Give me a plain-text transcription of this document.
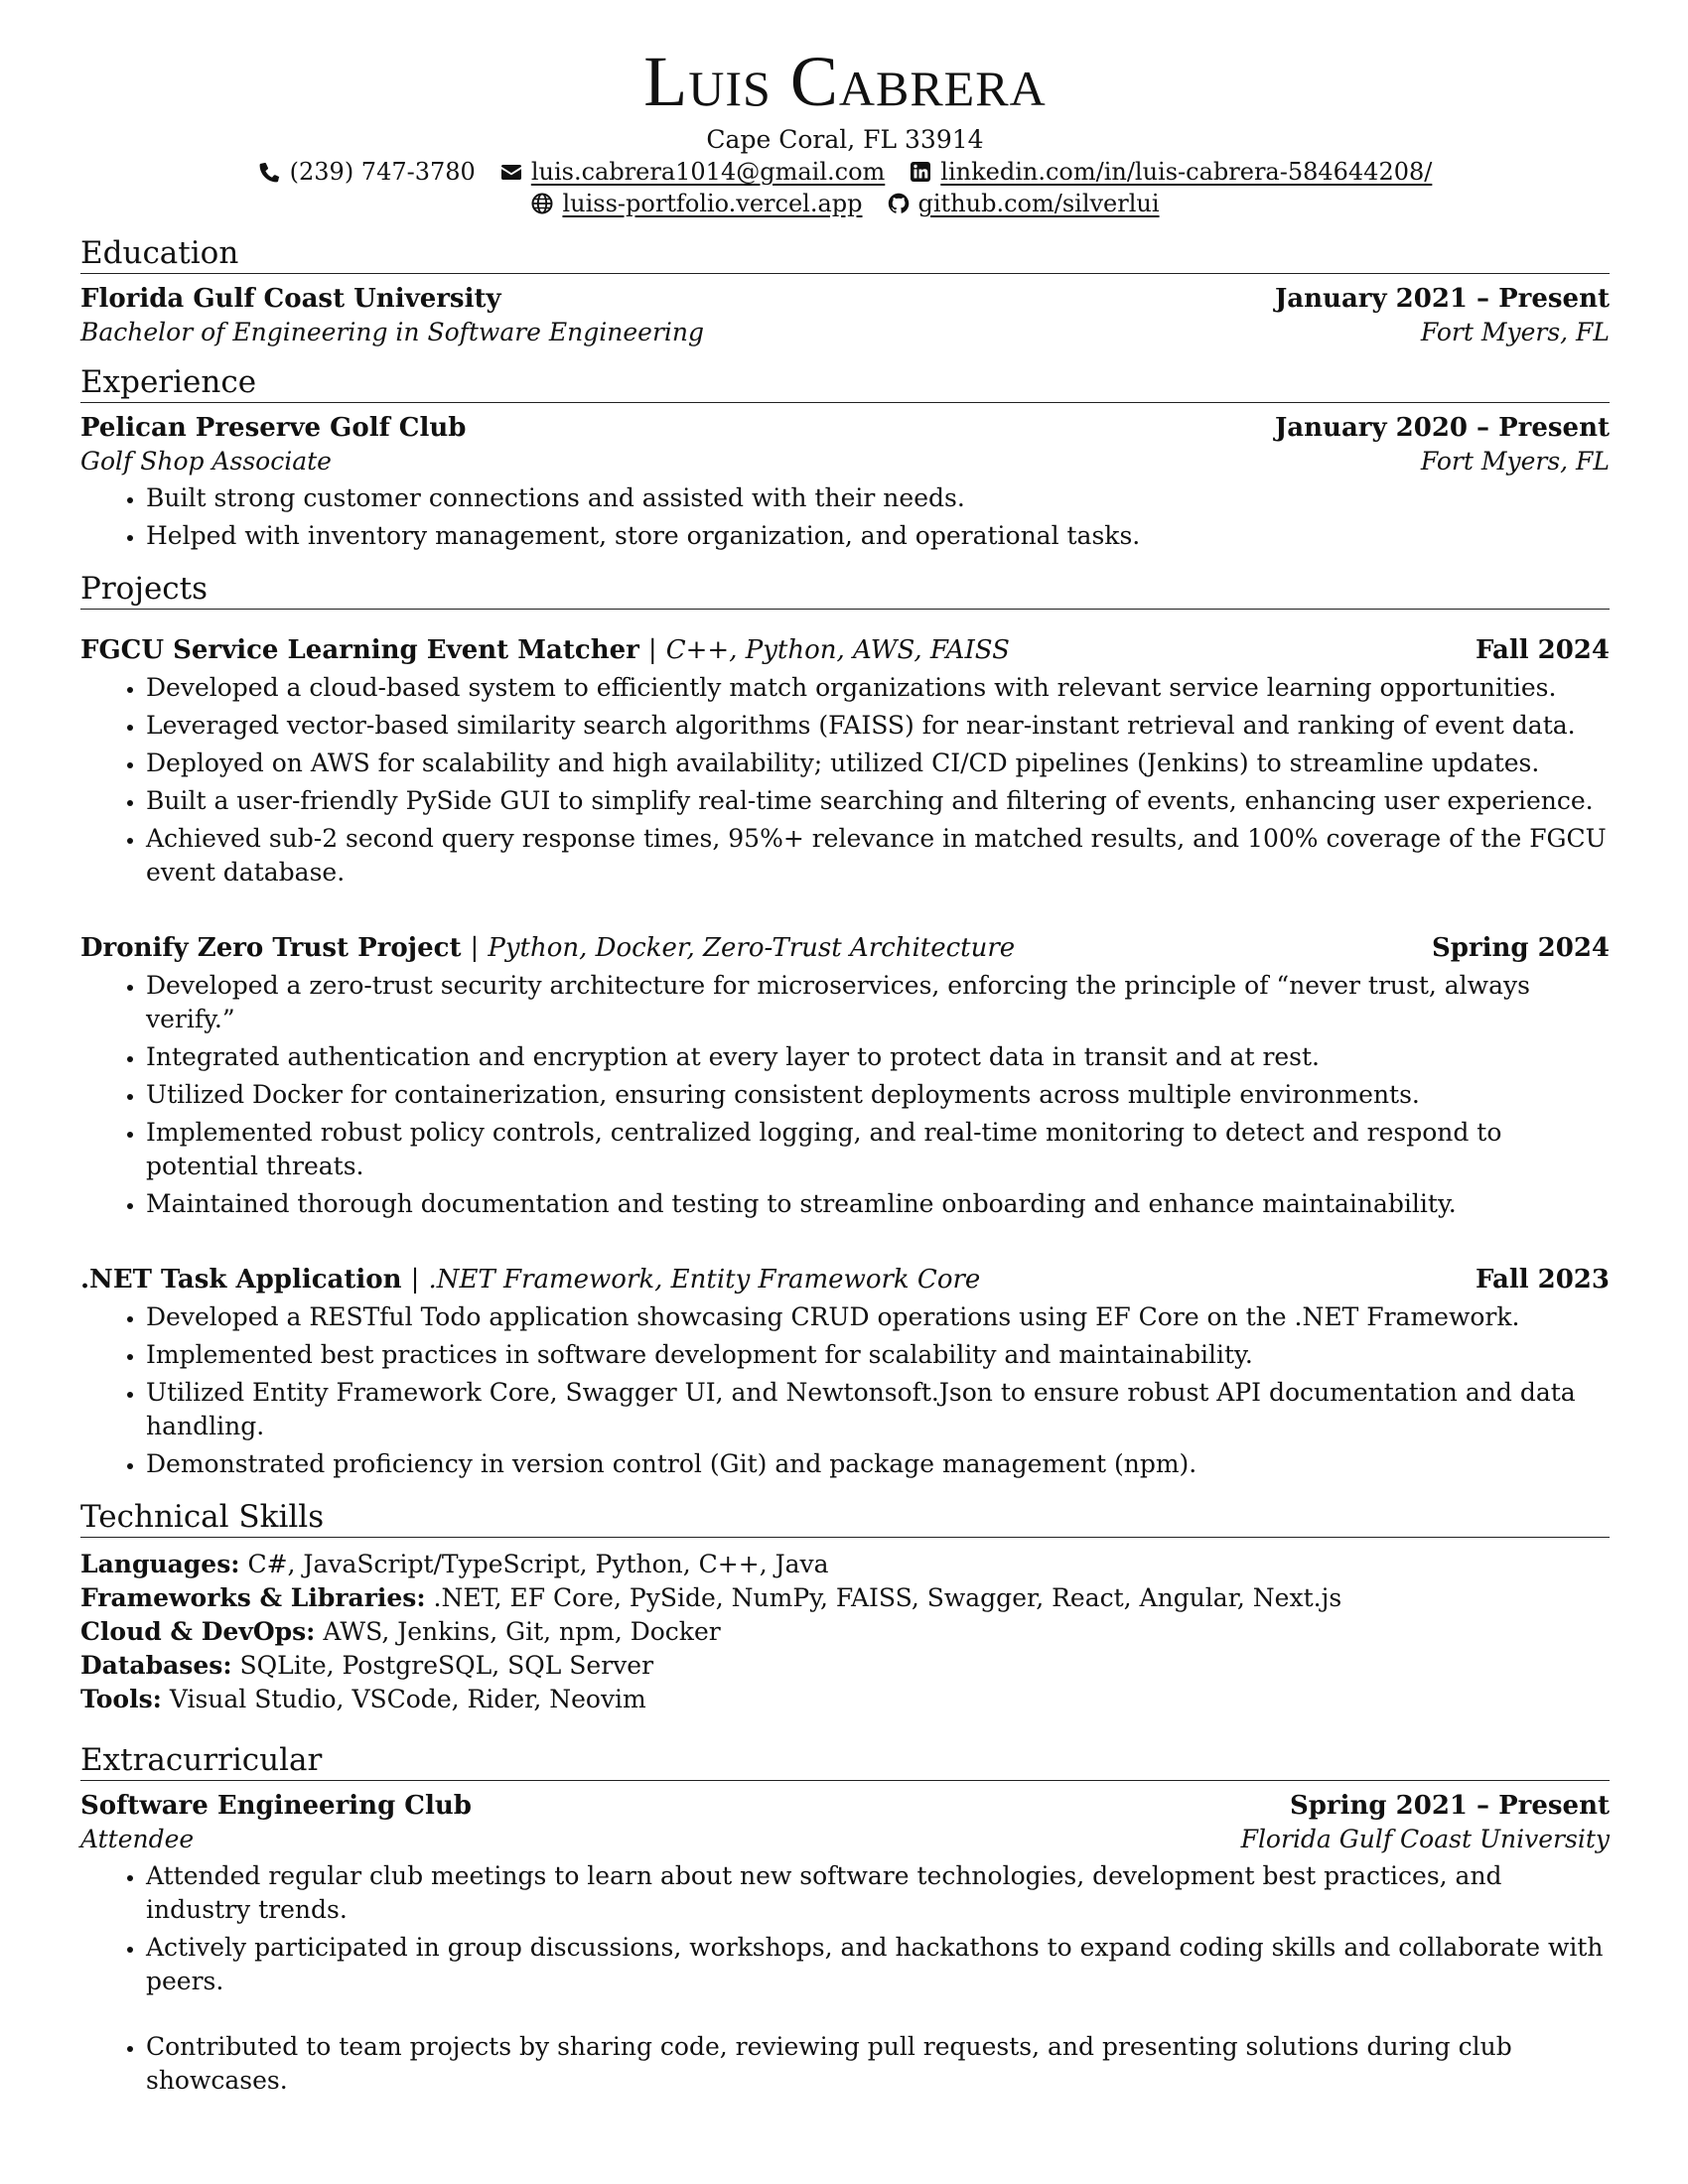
Luis Cabrera
Cape Coral, FL 33914
(239) 747-3780 luis.cabrera1014@gmail.com linkedin.com/in/luis-cabrera-584644208/
luiss-portfolio.vercel.app github.com/silverlui
Education
Florida Gulf Coast University	January 2021 – Present
Bachelor of Engineering in Software Engineering	Fort Myers, FL
Experience
Pelican Preserve Golf Club	January 2020 – Present
Golf Shop Associate	Fort Myers, FL
• Built strong customer connections and assisted with their needs.
• Helped with inventory management, store organization, and operational tasks.
Projects
FGCU Service Learning Event Matcher | C++, Python, AWS, FAISS	Fall 2024
• Developed a cloud-based system to efficiently match organizations with relevant service learning opportunities.
• Leveraged vector-based similarity search algorithms (FAISS) for near-instant retrieval and ranking of event data.
• Deployed on AWS for scalability and high availability; utilized CI/CD pipelines (Jenkins) to streamline updates.
• Built a user-friendly PySide GUI to simplify real-time searching and filtering of events, enhancing user experience.
• Achieved sub-2 second query response times, 95%+ relevance in matched results, and 100% coverage of the FGCU event database.
Dronify Zero Trust Project | Python, Docker, Zero-Trust Architecture	Spring 2024
• Developed a zero-trust security architecture for microservices, enforcing the principle of “never trust, always verify.”
• Integrated authentication and encryption at every layer to protect data in transit and at rest.
• Utilized Docker for containerization, ensuring consistent deployments across multiple environments.
• Implemented robust policy controls, centralized logging, and real-time monitoring to detect and respond to potential threats.
• Maintained thorough documentation and testing to streamline onboarding and enhance maintainability.
.NET Task Application | .NET Framework, Entity Framework Core	Fall 2023
• Developed a RESTful Todo application showcasing CRUD operations using EF Core on the .NET Framework.
• Implemented best practices in software development for scalability and maintainability.
• Utilized Entity Framework Core, Swagger UI, and Newtonsoft.Json to ensure robust API documentation and data handling.
• Demonstrated proficiency in version control (Git) and package management (npm).
Technical Skills
Languages: C#, JavaScript/TypeScript, Python, C++, Java
Frameworks & Libraries: .NET, EF Core, PySide, NumPy, FAISS, Swagger, React, Angular, Next.js
Cloud & DevOps: AWS, Jenkins, Git, npm, Docker
Databases: SQLite, PostgreSQL, SQL Server
Tools: Visual Studio, VSCode, Rider, Neovim
Extracurricular
Software Engineering Club	Spring 2021 – Present
Attendee	Florida Gulf Coast University
• Attended regular club meetings to learn about new software technologies, development best practices, and industry trends.
• Actively participated in group discussions, workshops, and hackathons to expand coding skills and collaborate with peers.
• Contributed to team projects by sharing code, reviewing pull requests, and presenting solutions during club showcases.
